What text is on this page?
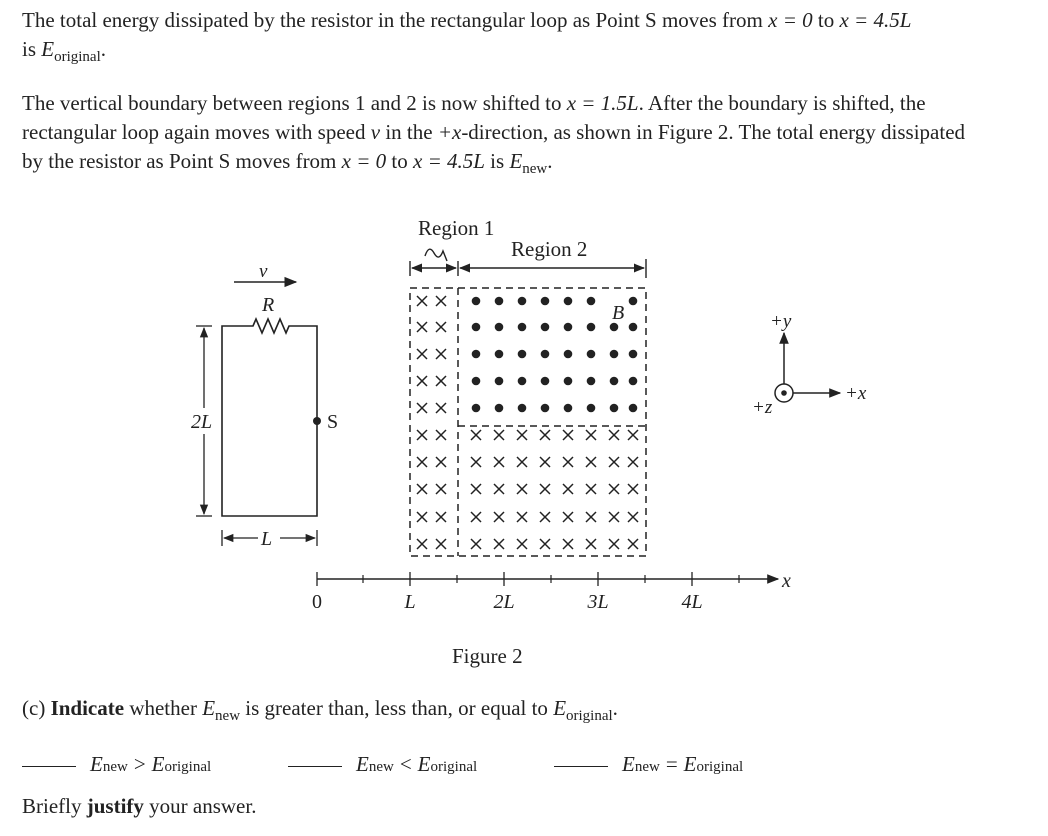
The total energy dissipated by the resistor in the rectangular loop as Point S moves from x = 0 to x = 4.5L
is $E_{original}$.

The vertical boundary between regions 1 and 2 is now shifted to x = 1.5L. After the boundary is shifted, the
rectangular loop again moves with speed v in the +x-direction, as shown in Figure 2. The total energy dissipated
by the resistor as Point S moves from x = 0 to x = 4.5L is $E_{new}$.

Region 1
Region 2
B
v
R
S
2L
L
0	L	2L	3L	4L
x
+y
+x
+z
Figure 2

(c) Indicate whether $E_{new}$ is greater than, less than, or equal to $E_{original}$.

E new > E original	E new < E original	E new = E original

Briefly justify your answer.
